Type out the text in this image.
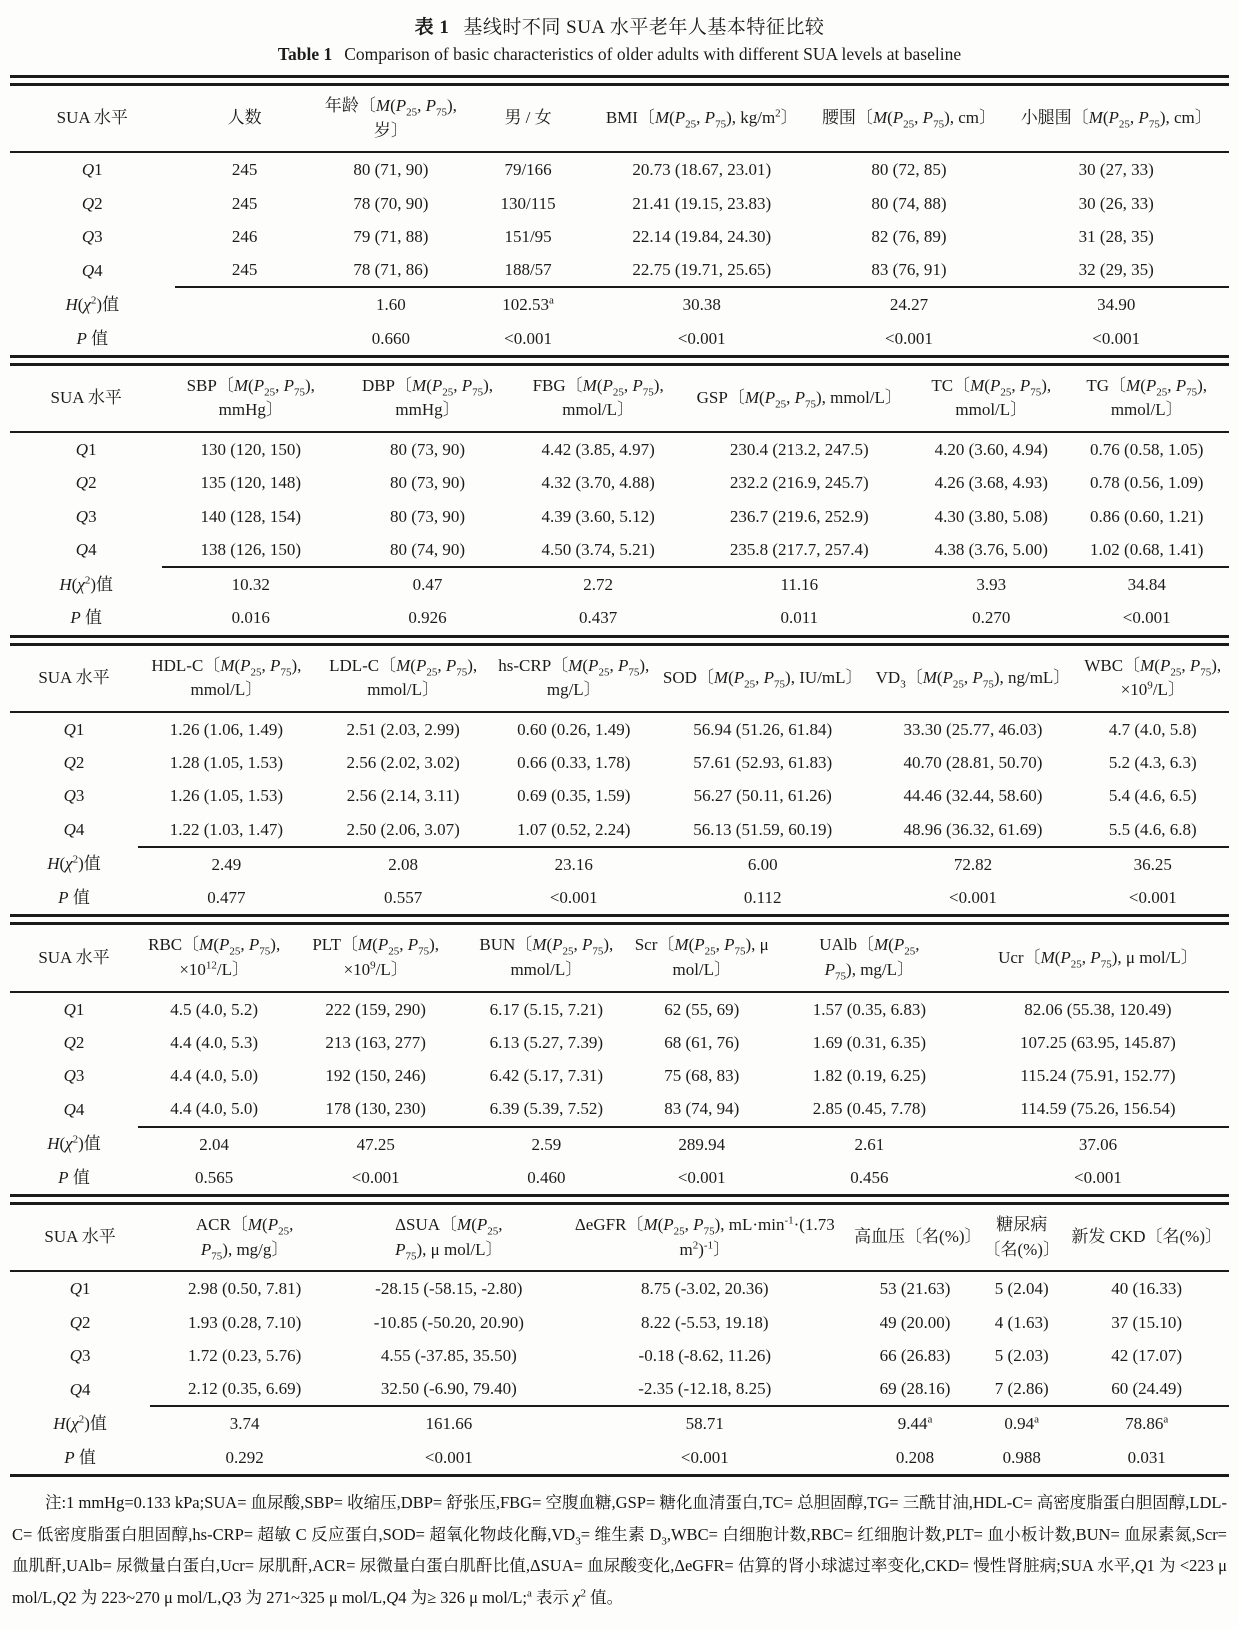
表 1 基线时不同 SUA 水平老年人基本特征比较
Table 1 Comparison of basic characteristics of older adults with different SUA levels at baseline
SUA 水平	人数	年龄〔$M(P_{25}$, $P_{75}$), 岁〕	男 / 女	BMI〔$M(P_{25}$, $P_{75}$), $kg/m^2$〕	腰围〔$M(P_{25}$, $P_{75}$), cm〕	小腿围〔$M(P_{25}$, $P_{75}$), cm〕
Q1	245	80 (71, 90)	79/166	20.73 (18.67, 23.01)	80 (72, 85)	30 (27, 33)
Q2	245	78 (70, 90)	130/115	21.41 (19.15, 23.83)	80 (74, 88)	30 (26, 33)
Q3	246	79 (71, 88)	151/95	22.14 (19.84, 24.30)	82 (76, 89)	31 (28, 35)
Q4	245	78 (71, 86)	188/57	22.75 (19.71, 25.65)	83 (76, 91)	32 (29, 35)
$H(\chi^2)$值		1.60	102.53$^a$	30.38	24.27	34.90
P 值		0.660	<0.001	<0.001	<0.001	<0.001
SUA 水平	SBP〔$M(P_{25}$, $P_{75}$), mmHg〕	DBP〔$M(P_{25}$, $P_{75}$), mmHg〕	FBG〔$M(P_{25}$, $P_{75}$), mmol/L〕	GSP〔$M(P_{25}$, $P_{75}$), mmol/L〕	TC〔$M(P_{25}$, $P_{75}$), mmol/L〕	TG〔$M(P_{25}$, $P_{75}$), mmol/L〕
Q1	130 (120, 150)	80 (73, 90)	4.42 (3.85, 4.97)	230.4 (213.2, 247.5)	4.20 (3.60, 4.94)	0.76 (0.58, 1.05)
Q2	135 (120, 148)	80 (73, 90)	4.32 (3.70, 4.88)	232.2 (216.9, 245.7)	4.26 (3.68, 4.93)	0.78 (0.56, 1.09)
Q3	140 (128, 154)	80 (73, 90)	4.39 (3.60, 5.12)	236.7 (219.6, 252.9)	4.30 (3.80, 5.08)	0.86 (0.60, 1.21)
Q4	138 (126, 150)	80 (74, 90)	4.50 (3.74, 5.21)	235.8 (217.7, 257.4)	4.38 (3.76, 5.00)	1.02 (0.68, 1.41)
$H(\chi^2)$值	10.32	0.47	2.72	11.16	3.93	34.84
P 值	0.016	0.926	0.437	0.011	0.270	<0.001
SUA 水平	HDL-C〔$M(P_{25}$, $P_{75}$), mmol/L〕	LDL-C〔$M(P_{25}$, $P_{75}$), mmol/L〕	hs-CRP〔$M(P_{25}$, $P_{75}$), mg/L〕	SOD〔$M(P_{25}$, $P_{75}$), IU/mL〕	$VD_3$〔$M(P_{25}$, $P_{75}$), ng/mL〕	WBC〔$M(P_{25}$, $P_{75}$), $\times 10^9/L$〕
Q1	1.26 (1.06, 1.49)	2.51 (2.03, 2.99)	0.60 (0.26, 1.49)	56.94 (51.26, 61.84)	33.30 (25.77, 46.03)	4.7 (4.0, 5.8)
Q2	1.28 (1.05, 1.53)	2.56 (2.02, 3.02)	0.66 (0.33, 1.78)	57.61 (52.93, 61.83)	40.70 (28.81, 50.70)	5.2 (4.3, 6.3)
Q3	1.26 (1.05, 1.53)	2.56 (2.14, 3.11)	0.69 (0.35, 1.59)	56.27 (50.11, 61.26)	44.46 (32.44, 58.60)	5.4 (4.6, 6.5)
Q4	1.22 (1.03, 1.47)	2.50 (2.06, 3.07)	1.07 (0.52, 2.24)	56.13 (51.59, 60.19)	48.96 (36.32, 61.69)	5.5 (4.6, 6.8)
$H(\chi^2)$值	2.49	2.08	23.16	6.00	72.82	36.25
P 值	0.477	0.557	<0.001	0.112	<0.001	<0.001
SUA 水平	RBC〔$M(P_{25}$, $P_{75}$), $\times 10^{12}/L$〕	PLT〔$M(P_{25}$, $P_{75}$), $\times 10^9/L$〕	BUN〔$M(P_{25}$, $P_{75}$), mmol/L〕	Scr〔$M(P_{25}$, $P_{75}$), μ mol/L〕	UAlb〔$M(P_{25}$, $P_{75}$), mg/L〕	Ucr〔$M(P_{25}$, $P_{75}$), μ mol/L〕
Q1	4.5 (4.0, 5.2)	222 (159, 290)	6.17 (5.15, 7.21)	62 (55, 69)	1.57 (0.35, 6.83)	82.06 (55.38, 120.49)
Q2	4.4 (4.0, 5.3)	213 (163, 277)	6.13 (5.27, 7.39)	68 (61, 76)	1.69 (0.31, 6.35)	107.25 (63.95, 145.87)
Q3	4.4 (4.0, 5.0)	192 (150, 246)	6.42 (5.17, 7.31)	75 (68, 83)	1.82 (0.19, 6.25)	115.24 (75.91, 152.77)
Q4	4.4 (4.0, 5.0)	178 (130, 230)	6.39 (5.39, 7.52)	83 (74, 94)	2.85 (0.45, 7.78)	114.59 (75.26, 156.54)
$H(\chi^2)$值	2.04	47.25	2.59	289.94	2.61	37.06
P 值	0.565	<0.001	0.460	<0.001	0.456	<0.001
SUA 水平	ACR〔$M(P_{25}$, $P_{75}$), mg/g〕	ΔSUA〔$M(P_{25}$, $P_{75}$), μ mol/L〕	ΔeGFR〔$M(P_{25}$, $P_{75}$), $mL\cdot\min^{-1}\cdot(1.73$ $m^2)^{-1}$〕	高血压〔名(%)〕	糖尿病〔名(%)〕	新发 CKD〔名(%)〕
Q1	2.98 (0.50, 7.81)	-28.15 (-58.15, -2.80)	8.75 (-3.02, 20.36)	53 (21.63)	5 (2.04)	40 (16.33)
Q2	1.93 (0.28, 7.10)	-10.85 (-50.20, 20.90)	8.22 (-5.53, 19.18)	49 (20.00)	4 (1.63)	37 (15.10)
Q3	1.72 (0.23, 5.76)	4.55 (-37.85, 35.50)	-0.18 (-8.62, 11.26)	66 (26.83)	5 (2.03)	42 (17.07)
Q4	2.12 (0.35, 6.69)	32.50 (-6.90, 79.40)	-2.35 (-12.18, 8.25)	69 (28.16)	7 (2.86)	60 (24.49)
$H(\chi^2)$值	3.74	161.66	58.71	9.44$^a$	0.94$^a$	78.86$^a$
P 值	0.292	<0.001	<0.001	0.208	0.988	0.031
注:1 mmHg=0.133 kPa;SUA= 血尿酸,SBP= 收缩压,DBP= 舒张压,FBG= 空腹血糖,GSP= 糖化血清蛋白,TC= 总胆固醇,TG= 三酰甘油,HDL-C= 高密度脂蛋白胆固醇,LDL-C= 低密度脂蛋白胆固醇,hs-CRP= 超敏 C 反应蛋白,SOD= 超氧化物歧化酶$,VD_3=$ 维生素 $D_3,WBC=$ 白细胞计数,RBC= 红细胞计数,PLT= 血小板计数,BUN= 血尿素氮,Scr= 血肌酐,UAlb= 尿微量白蛋白,Ucr= 尿肌酐,ACR= 尿微量白蛋白肌酐比值,ΔSUA= 血尿酸变化,ΔeGFR= 估算的肾小球滤过率变化,CKD= 慢性肾脏病;SUA 水平,Q1 为 <223 μ mol/L,Q2 为 223~270 μ mol/L,Q3 为 271~325 μ mol/L,Q4 为≥ 326 μ mol/L;$^a$ 表示 $\chi^2$ 值。
